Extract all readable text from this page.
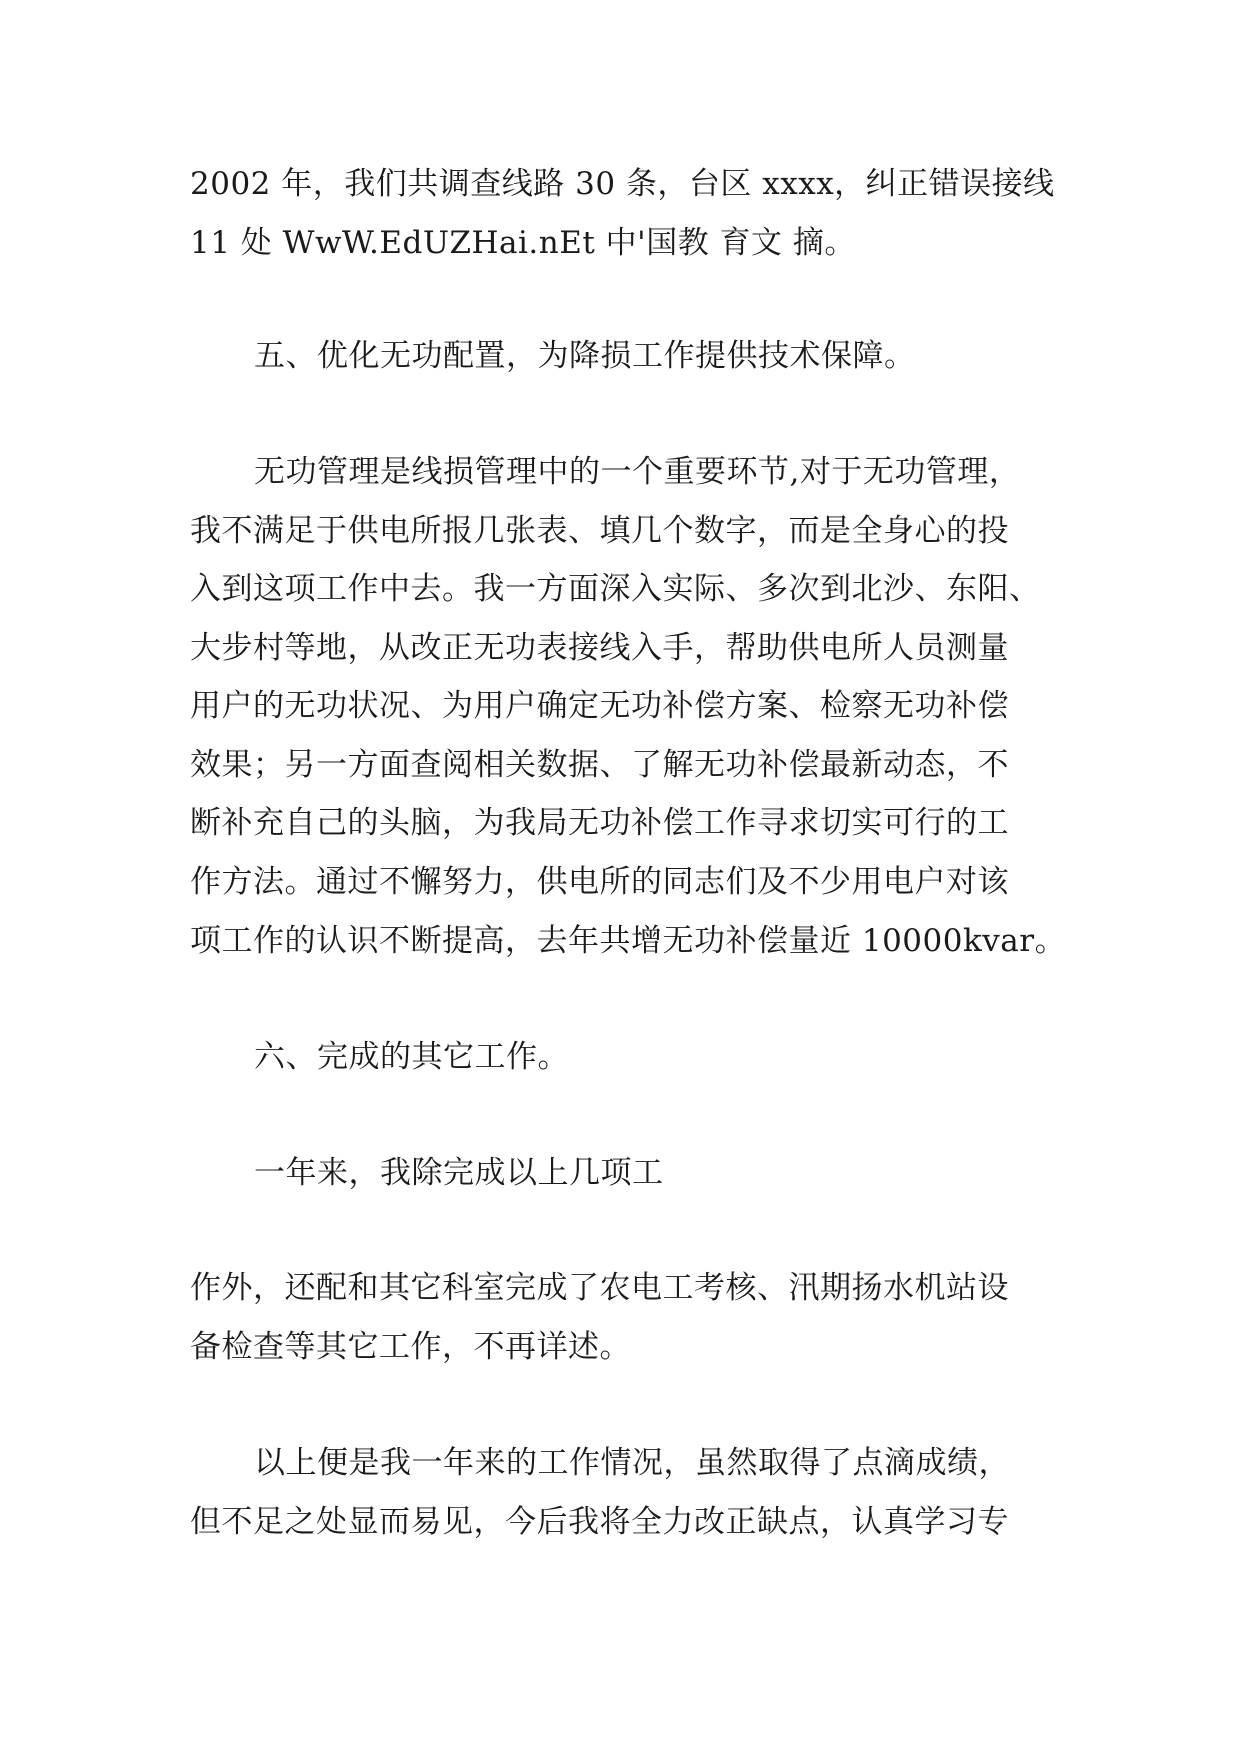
2002 年，我们共调查线路 30 条，台区 xxxx，纠正错误接线
11 处 WwW.EdUZHai.nEt 中'国教 育文 摘。
五、优化无功配置，为降损工作提供技术保障。
无功管理是线损管理中的一个重要环节,对于无功管理，
我不满足于供电所报几张表、填几个数字，而是全身心的投
入到这项工作中去。我一方面深入实际、多次到北沙、东阳、
大步村等地，从改正无功表接线入手，帮助供电所人员测量
用户的无功状况、为用户确定无功补偿方案、检察无功补偿
效果；另一方面查阅相关数据、了解无功补偿最新动态，不
断补充自己的头脑，为我局无功补偿工作寻求切实可行的工
作方法。通过不懈努力，供电所的同志们及不少用电户对该
项工作的认识不断提高，去年共增无功补偿量近 10000kvar。
六、完成的其它工作。
一年来，我除完成以上几项工
作外，还配和其它科室完成了农电工考核、汛期扬水机站设
备检查等其它工作，不再详述。
以上便是我一年来的工作情况，虽然取得了点滴成绩，
但不足之处显而易见，今后我将全力改正缺点，认真学习专
